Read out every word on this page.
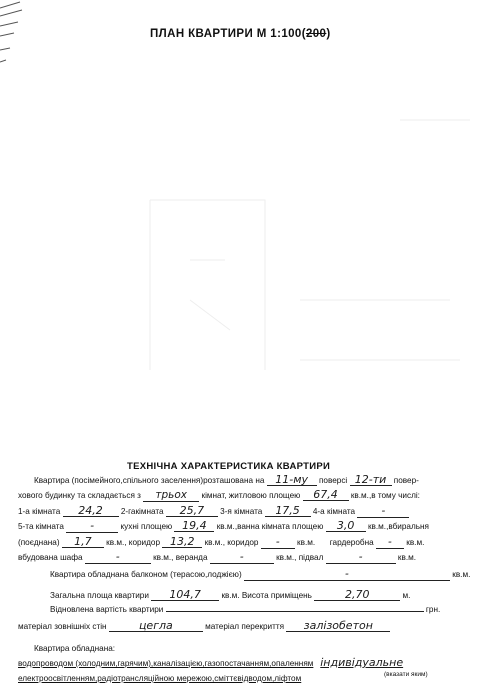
ПЛАН КВАРТИРИ М 1:100(200)
ТЕХНІЧНА ХАРАКТЕРИСТИКА КВАРТИРИ
Квартира (посімейного,спільного заселення)розташована на 11-му поверсі 12-ти повер-
хового будинку та складається з трьох кімнат, житловою площею 67,4 кв.м.,в тому числі:
1-а кімната 24,2 2-гакімната 25,7 3-я кімната 17,5 4-а кімната	-
5-та кімната	-	кухні площею 19,4 кв.м.,ванна кімната площею 3,0 кв.м.,вбиральня
(поєднана) 1,7 кв.м., коридор 13,2 кв.м., коридор - кв.м. гардеробна - кв.м.
вбудована шафа	-	кв.м., веранда	-	кв.м., підвал	-	кв.м.
Квартира обладнана балконом (терасою,лоджією)	-	кв.м.
Загальна площа квартири 104,7	кв.м. Висота приміщень	2,70	м.
Відновлена вартість квартири	грн.
матеріал зовнішніх стін	цегла	матеріал перекриття залізобетон
Квартира обладнана:
водопроводом (холодним,гарячим),каналізацією,газопостачанням,опаленням індивідуальне
(вказати яким)
електроосвітленням,радіотрансляційною мережою,сміттєвідводом,ліфтом
